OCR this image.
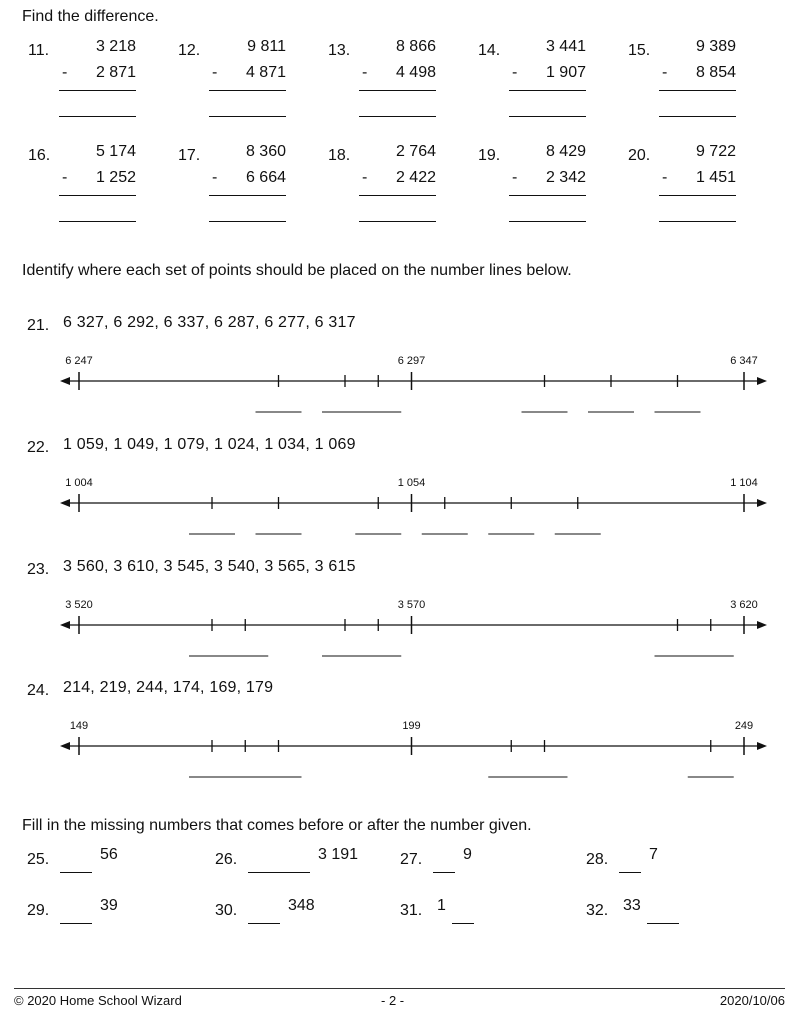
Find the difference.
11.	3 218
-	2 871
12.	9 811
-	4 871
13.	8 866
-	4 498
14.	3 441
-	1 907
15.	9 389
-	8 854
16.	5 174
-	1 252
17.	8 360
-	6 664
18.	2 764
-	2 422
19.	8 429
-	2 342
20.	9 722
-	1 451
Identify where each set of points should be placed on the number lines below.
21. 6 327, 6 292, 6 337, 6 287, 6 277, 6 317
6 247	6 297	6 347
22. 1 059, 1 049, 1 079, 1 024, 1 034, 1 069
1 004	1 054	1 104
23. 3 560, 3 610, 3 545, 3 540, 3 565, 3 615
3 520	3 570	3 620
24. 214, 219, 244, 174, 169, 179
149	199	249
Fill in the missing numbers that comes before or after the number given.
25.	56	26.	3 191	27.	9	28.	7
29.	39	30.	348	31. 1	32. 33
© 2020 Home School Wizard	- 2 -	2020/10/06
